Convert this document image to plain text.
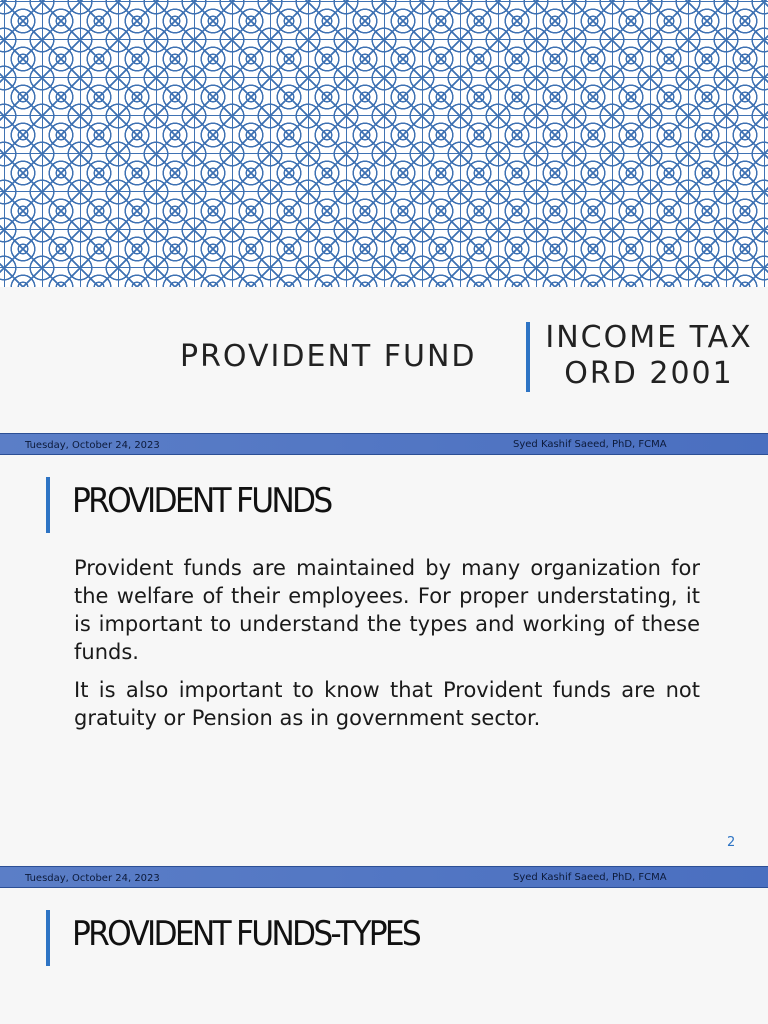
PROVIDENT FUND
INCOME TAX
ORD 2001
Tuesday, October 24, 2023	Syed Kashif Saeed, PhD, FCMA
PROVIDENT FUNDS
Provident funds are maintained by many organization for the welfare of their employees. For proper understating, it is important to understand the types and working of these funds.
It is also important to know that Provident funds are not gratuity or Pension as in government sector.
2
Tuesday, October 24, 2023	Syed Kashif Saeed, PhD, FCMA
PROVIDENT FUNDS-TYPES
